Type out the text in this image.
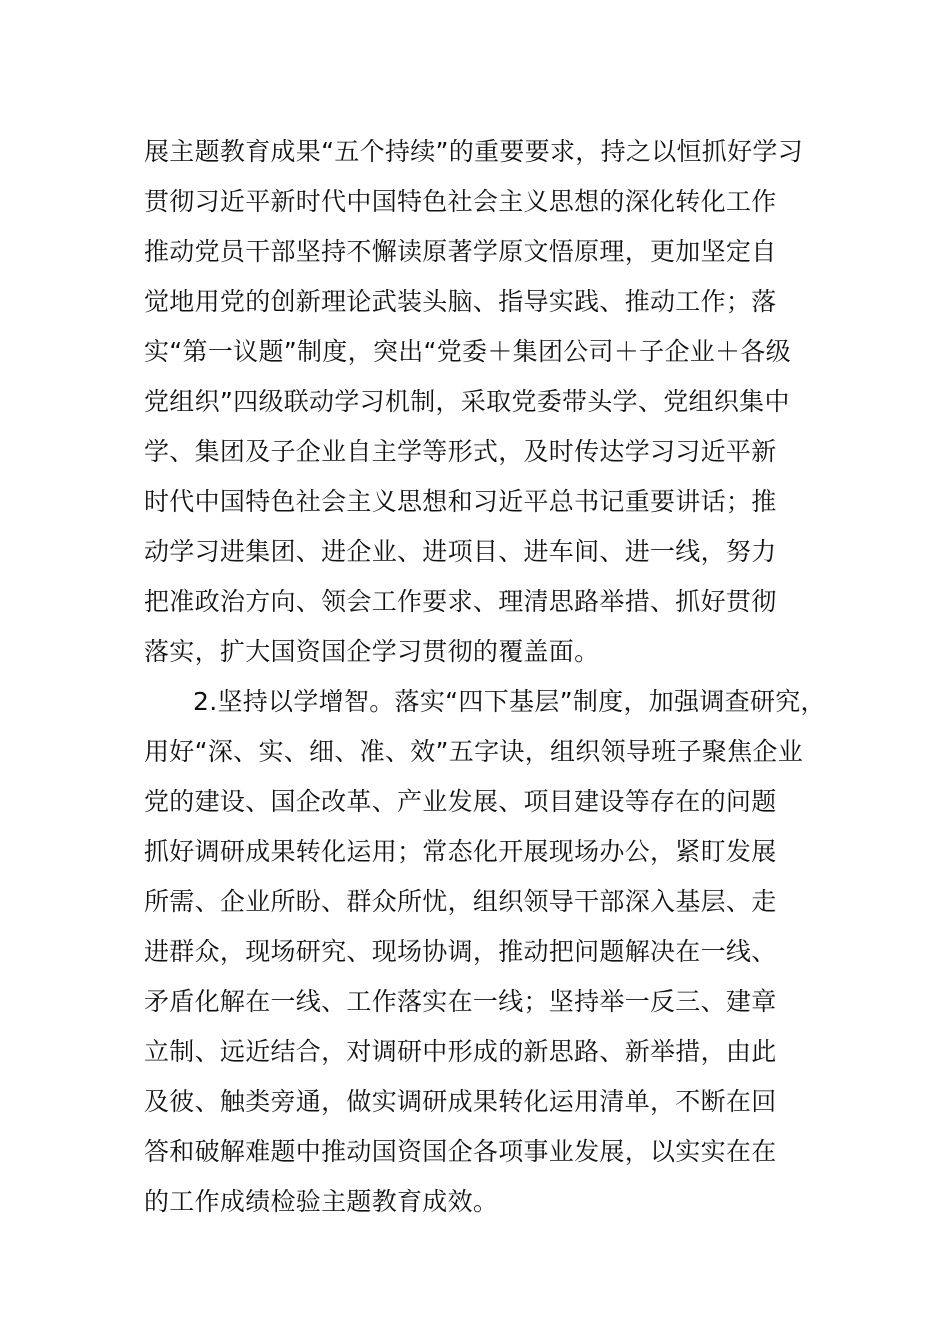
展主题教育成果“五个持续”的重要要求，持之以恒抓好学习
贯彻习近平新时代中国特色社会主义思想的深化转化工作
推动党员干部坚持不懈读原著学原文悟原理，更加坚定自
觉地用党的创新理论武装头脑、指导实践、推动工作；落
实“第一议题”制度，突出“党委＋集团公司＋子企业＋各级
党组织”四级联动学习机制，采取党委带头学、党组织集中
学、集团及子企业自主学等形式，及时传达学习习近平新
时代中国特色社会主义思想和习近平总书记重要讲话；推
动学习进集团、进企业、进项目、进车间、进一线，努力
把准政治方向、领会工作要求、理清思路举措、抓好贯彻
落实，扩大国资国企学习贯彻的覆盖面。
2.坚持以学增智。落实“四下基层”制度，加强调查研究，
用好“深、实、细、准、效”五字诀，组织领导班子聚焦企业
党的建设、国企改革、产业发展、项目建设等存在的问题
抓好调研成果转化运用；常态化开展现场办公，紧盯发展
所需、企业所盼、群众所忧，组织领导干部深入基层、走
进群众，现场研究、现场协调，推动把问题解决在一线、
矛盾化解在一线、工作落实在一线；坚持举一反三、建章
立制、远近结合，对调研中形成的新思路、新举措，由此
及彼、触类旁通，做实调研成果转化运用清单，不断在回
答和破解难题中推动国资国企各项事业发展，以实实在在
的工作成绩检验主题教育成效。
